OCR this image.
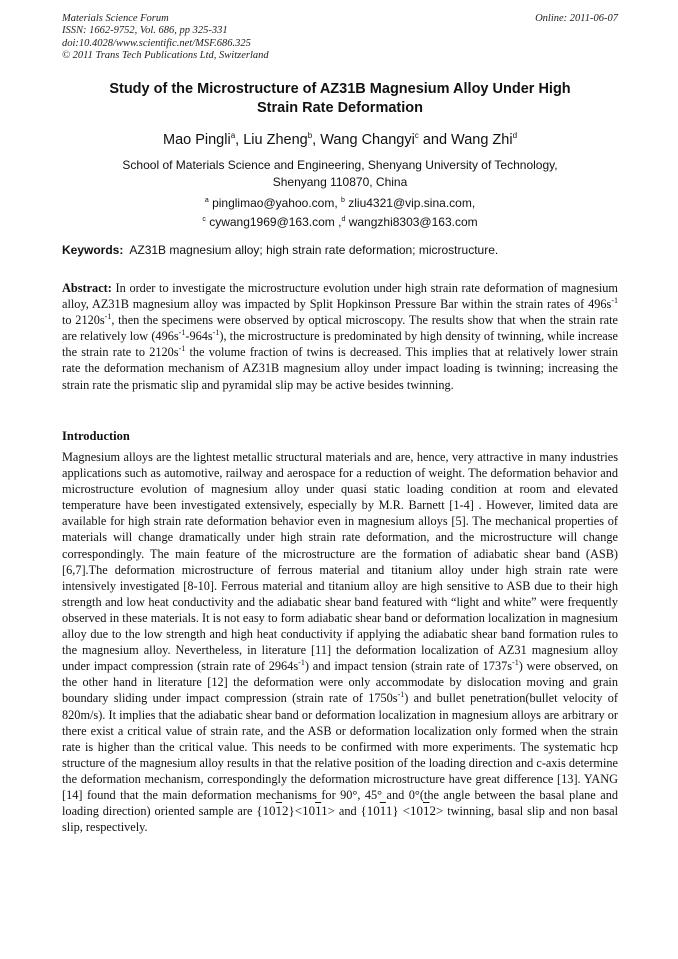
Materials Science Forum
ISSN: 1662-9752, Vol. 686, pp 325-331
doi:10.4028/www.scientific.net/MSF.686.325
© 2011 Trans Tech Publications Ltd, Switzerland
Online: 2011-06-07
Study of the Microstructure of AZ31B Magnesium Alloy Under High
Strain Rate Deformation
Mao Pingli$^a$, Liu Zheng$^b$, Wang Changyi$^c$ and Wang Zhi$^d$
School of Materials Science and Engineering, Shenyang University of Technology,
Shenyang 110870, China
$^a$ pinglimao@yahoo.com, $^b$ zliu4321@vip.sina.com,
$^c$ cywang1969@163.com ,$^d$ wangzhi8303@163.com
Keywords: AZ31B magnesium alloy; high strain rate deformation; microstructure.
Abstract: In order to investigate the microstructure evolution under high strain rate deformation of magnesium alloy, AZ31B magnesium alloy was impacted by Split Hopkinson Pressure Bar within the strain rates of $496s^{-1}$ to $2120s^{-1}$, then the specimens were observed by optical microscopy. The results show that when the strain rate are relatively low $(496s^{-1}-964s^{-1})$, the microstructure is predominated by high density of twinning, while increase the strain rate to $2120s^{-1}$ the volume fraction of twins is decreased. This implies that at relatively lower strain rate the deformation mechanism of AZ31B magnesium alloy under impact loading is twinning; increasing the strain rate the prismatic slip and pyramidal slip may be active besides twinning.
Introduction

Magnesium alloys are the lightest metallic structural materials and are, hence, very attractive in many industries applications such as automotive, railway and aerospace for a reduction of weight. The deformation behavior and microstructure evolution of magnesium alloy under quasi static loading condition at room and elevated temperature have been investigated extensively, especially by M.R. Barnett [1-4] . However, limited data are available for high strain rate deformation behavior even in magnesium alloys [5]. The mechanical properties of materials will change dramatically under high strain rate deformation, and the microstructure will change correspondingly. The main feature of the microstructure are the formation of adiabatic shear band (ASB) [6,7].The deformation microstructure of ferrous material and titanium alloy under high strain rate were intensively investigated [8-10]. Ferrous material and titanium alloy are high sensitive to ASB due to their high strength and low heat conductivity and the adiabatic shear band featured with “light and white” were frequently observed in these materials. It is not easy to form adiabatic shear band or deformation localization in magnesium alloy due to the low strength and high heat conductivity if applying the adiabatic shear band formation rules to the magnesium alloy. Nevertheless, in literature [11] the deformation localization of AZ31 magnesium alloy under impact compression (strain rate of $2964s^{-1}$) and impact tension (strain rate of $1737s^{-1}$) were observed, on the other hand in literature [12] the deformation were only accommodate by dislocation moving and grain boundary sliding under impact compression (strain rate of $1750s^{-1}$) and bullet penetration(bullet velocity of 820m/s). It implies that the adiabatic shear band or deformation localization in magnesium alloys are arbitrary or there exist a critical value of strain rate, and the ASB or deformation localization only formed when the strain rate is higher than the critical value. This needs to be confirmed with more experiments. The systematic hcp structure of the magnesium alloy results in that the relative position of the loading direction and c-axis determine the deformation mechanism, correspondingly the deformation microstructure have great difference [13]. YANG [14] found that the main deformation mechanisms for 90°, 45° and 0°(the angle between the basal plane and loading direction) oriented sample are {1012}<1011> and {1011} <1012> twinning, basal slip and non basal slip, respectively.
